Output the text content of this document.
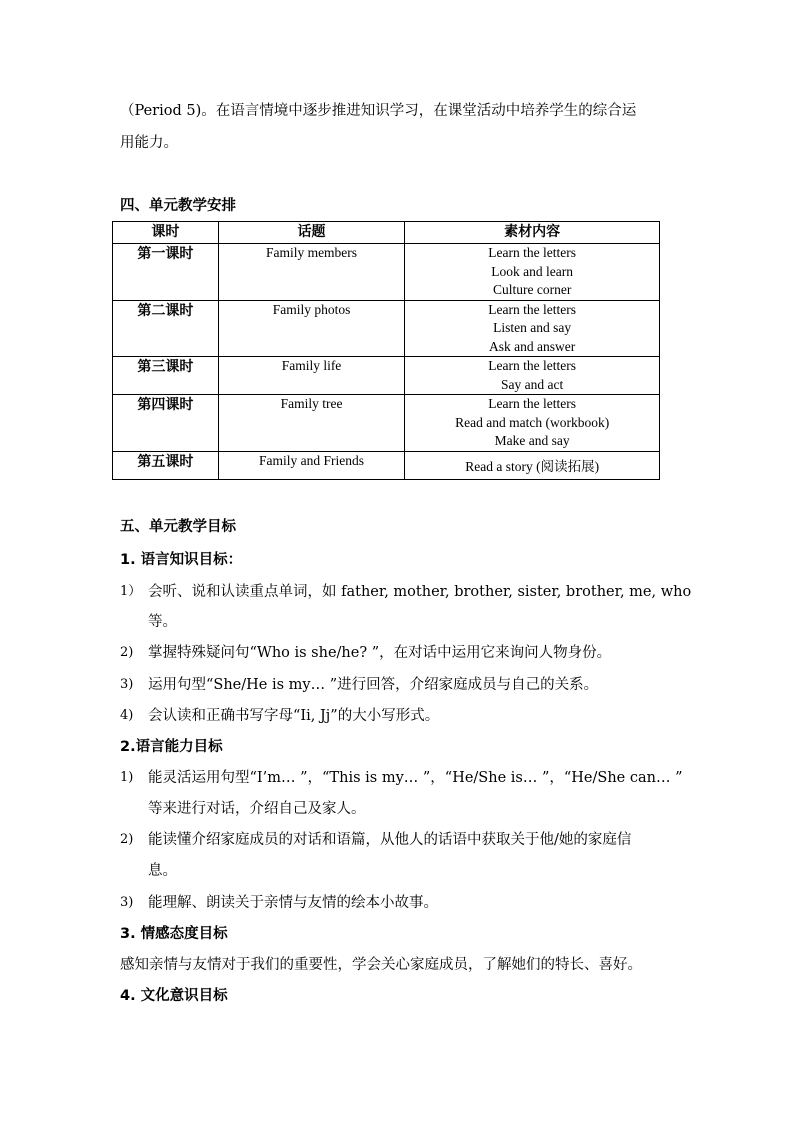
（Period 5)。在语言情境中逐步推进知识学习，在课堂活动中培养学生的综合运
用能力。
四、单元教学安排
课时	话题	素材内容
第一课时	Family members	Learn the letters
Look and learn
Culture corner

第二课时	Family photos	Learn the letters
Listen and say
Ask and answer

第三课时	Family life	Learn the letters
Say and act

第四课时	Family tree	Learn the letters
Read and match (workbook)
Make and say

第五课时	Family and Friends	Read a story (阅读拓展)
五、单元教学目标
1. 语言知识目标：
1） 会听、说和认读重点单词，如 father, mother, brother, sister, brother, me, who
等。
2) 掌握特殊疑问句“Who is she/he? ”，在对话中运用它来询问人物身份。
3) 运用句型“She/He is my… ”进行回答，介绍家庭成员与自己的关系。
4) 会认读和正确书写字母“Ii, Jj”的大小写形式。
2.语言能力目标
1) 能灵活运用句型“I’m… ”，“This is my… ”，“He/She is… ”，“He/She can… ”
等来进行对话，介绍自己及家人。
2) 能读懂介绍家庭成员的对话和语篇，从他人的话语中获取关于他/她的家庭信
息。
3) 能理解、朗读关于亲情与友情的绘本小故事。
3. 情感态度目标
感知亲情与友情对于我们的重要性，学会关心家庭成员，了解她们的特长、喜好。
4. 文化意识目标
